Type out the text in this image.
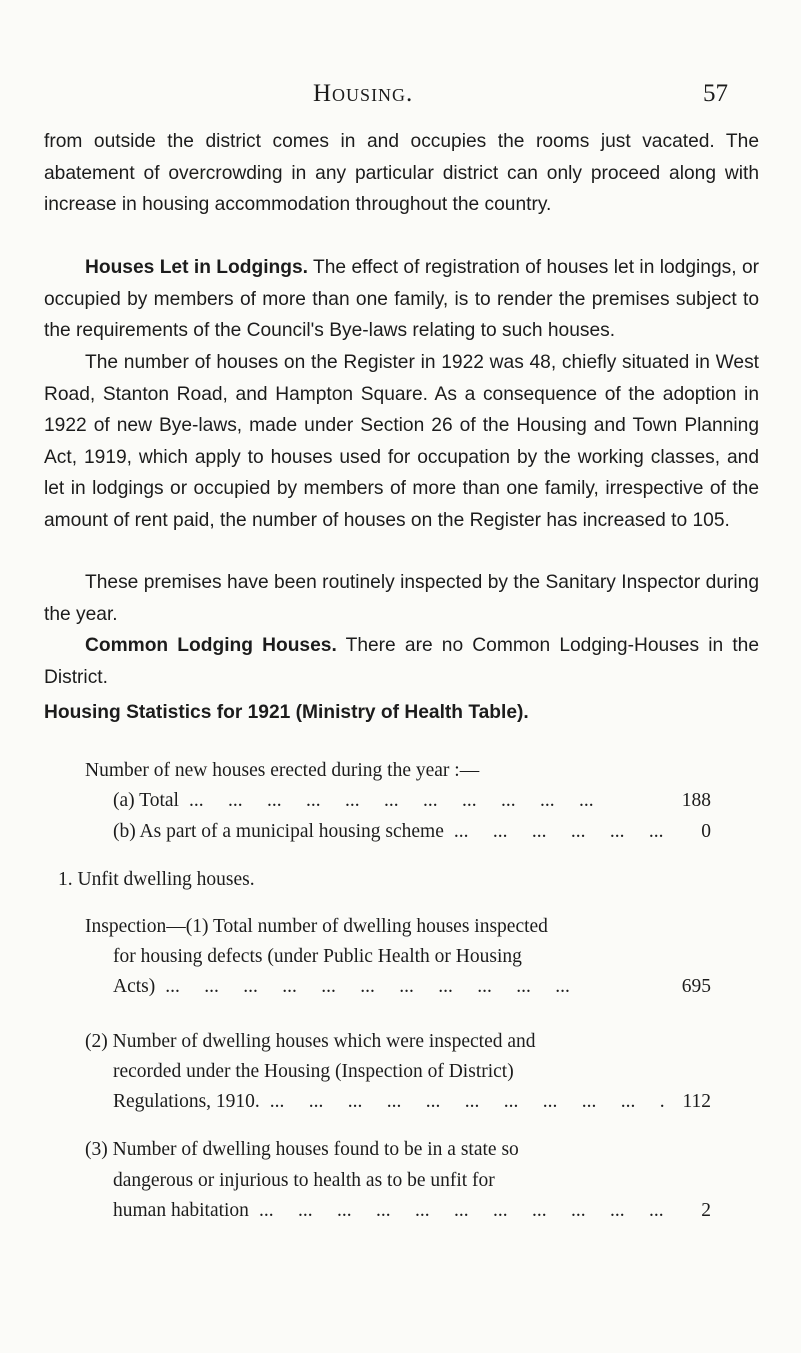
Housing.	57

from outside the district comes in and occupies the rooms just vacated. The abatement of overcrowding in any particular district can only proceed along with increase in housing accommodation throughout the country.

Houses Let in Lodgings. The effect of registration of houses let in lodgings, or occupied by members of more than one family, is to render the premises subject to the requirements of the Council's Bye-laws relating to such houses.

The number of houses on the Register in 1922 was 48, chiefly situated in West Road, Stanton Road, and Hampton Square. As a consequence of the adoption in 1922 of new Bye-laws, made under Section 26 of the Housing and Town Planning Act, 1919, which apply to houses used for occupation by the working classes, and let in lodgings or occupied by members of more than one family, irrespective of the amount of rent paid, the number of houses on the Register has increased to 105.

These premises have been routinely inspected by the Sanitary Inspector during the year.

Common Lodging Houses. There are no Common Lodging-Houses in the District.

Housing Statistics for 1921 (Ministry of Health Table).
Number of new houses erected during the year :—
(a) Total ...	188
(b) As part of a municipal housing scheme ...	0
1. Unfit dwelling houses.
Inspection—(1) Total number of dwelling houses inspected
for housing defects (under Public Health or Housing
Acts) ...	695
(2) Number of dwelling houses which were inspected and
recorded under the Housing (Inspection of District)
Regulations, 1910. ...	112
(3) Number of dwelling houses found to be in a state so
dangerous or injurious to health as to be unfit for
human habitation ...	2
